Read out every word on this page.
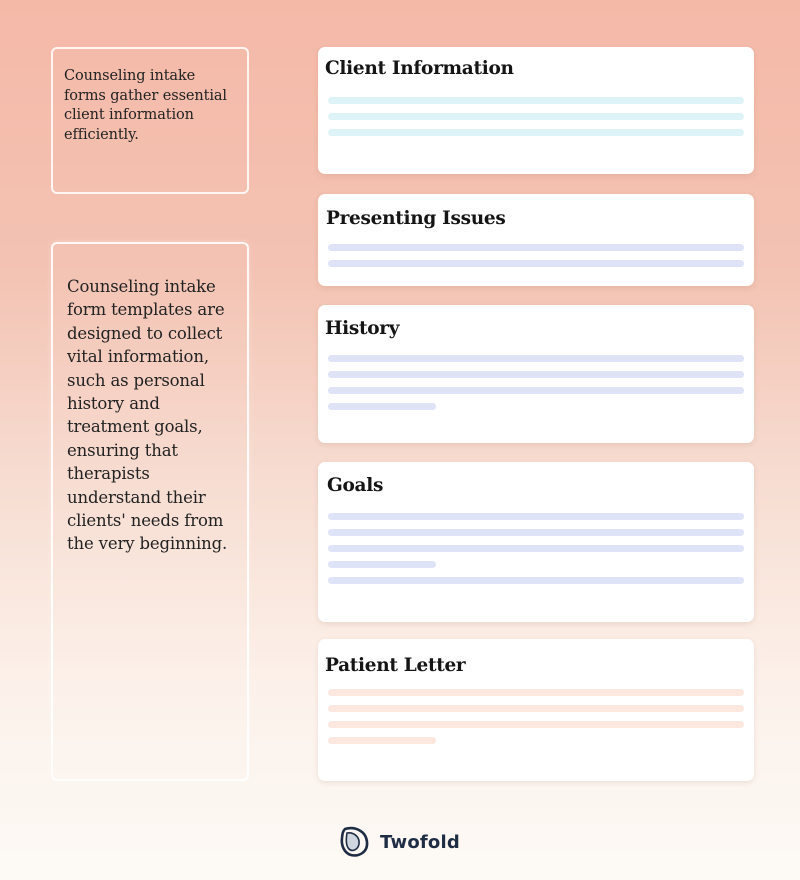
Counseling intake forms gather essential client information efficiently.

Counseling intake form templates are designed to collect vital information, such as personal history and treatment goals, ensuring that therapists understand their clients' needs from the very beginning.

Client Information
Presenting Issues
History
Goals
Patient Letter
Twofold
